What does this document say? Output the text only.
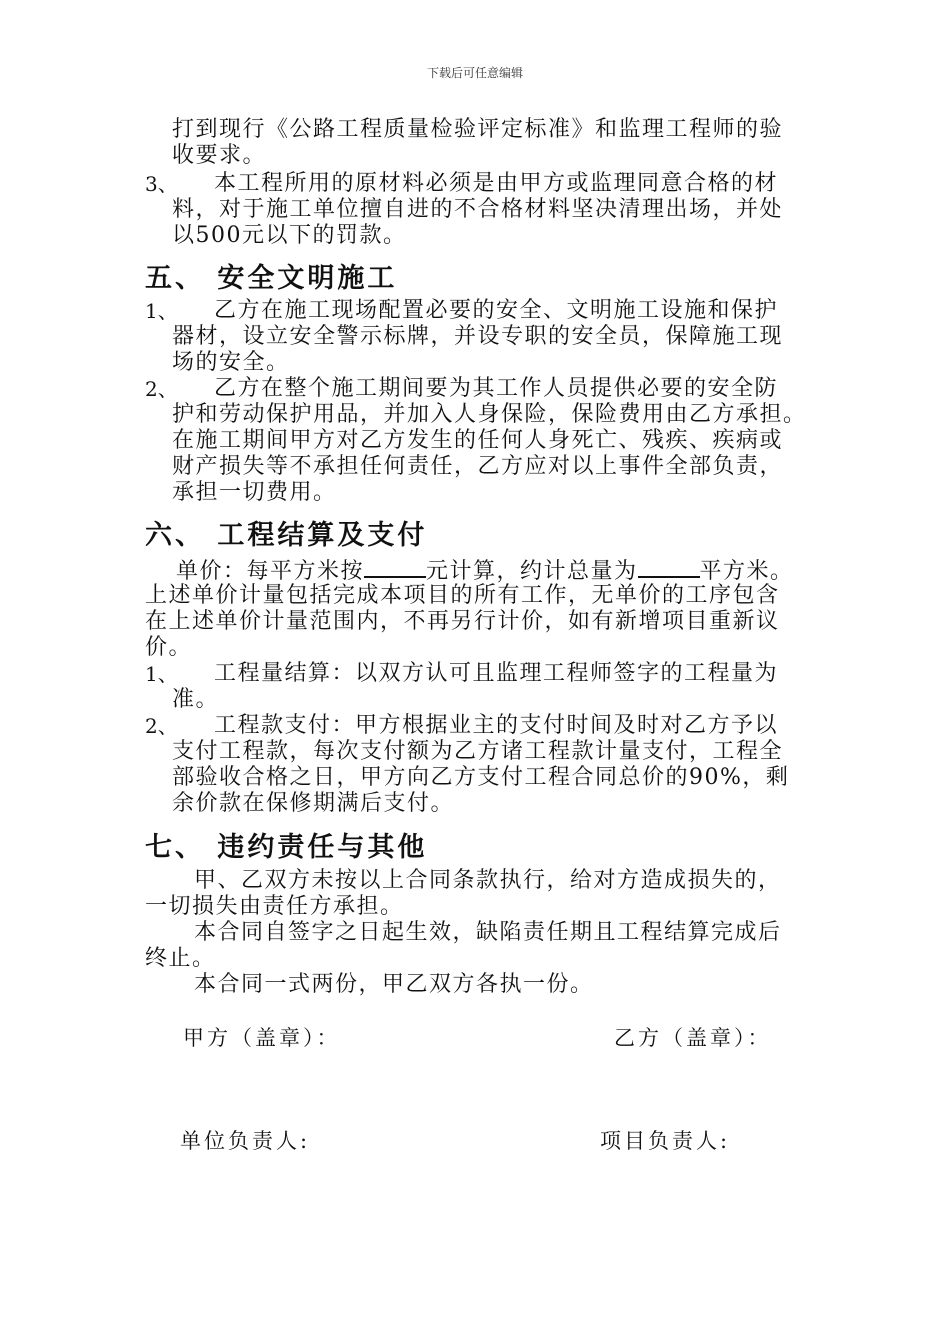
下载后可任意编辑
打到现行《公路工程质量检验评定标准》和监理工程师的验
收要求。
3、 本工程所用的原材料必须是由甲方或监理同意合格的材
料，对于施工单位擅自进的不合格材料坚决清理出场，并处
以500元以下的罚款。
五、 安全文明施工
1、 乙方在施工现场配置必要的安全、文明施工设施和保护
器材，设立安全警示标牌，并设专职的安全员，保障施工现
场的安全。
2、 乙方在整个施工期间要为其工作人员提供必要的安全防
护和劳动保护用品，并加入人身保险，保险费用由乙方承担。
在施工期间甲方对乙方发生的任何人身死亡、残疾、疾病或
财产损失等不承担任何责任，乙方应对以上事件全部负责，
承担一切费用。
六、 工程结算及支付
单价：每平方米按	元计算，约计总量为	平方米。
上述单价计量包括完成本项目的所有工作，无单价的工序包含
在上述单价计量范围内，不再另行计价，如有新增项目重新议
价。
1、 工程量结算：以双方认可且监理工程师签字的工程量为
准。
2、 工程款支付：甲方根据业主的支付时间及时对乙方予以
支付工程款，每次支付额为乙方诸工程款计量支付，工程全
部验收合格之日，甲方向乙方支付工程合同总价的90%，剩
余价款在保修期满后支付。
七、 违约责任与其他
甲、乙双方未按以上合同条款执行，给对方造成损失的，
一切损失由责任方承担。
本合同自签字之日起生效，缺陷责任期且工程结算完成后
终止。
本合同一式两份，甲乙双方各执一份。
甲方（盖章）：	乙方（盖章）：
单位负责人:	项目负责人:
